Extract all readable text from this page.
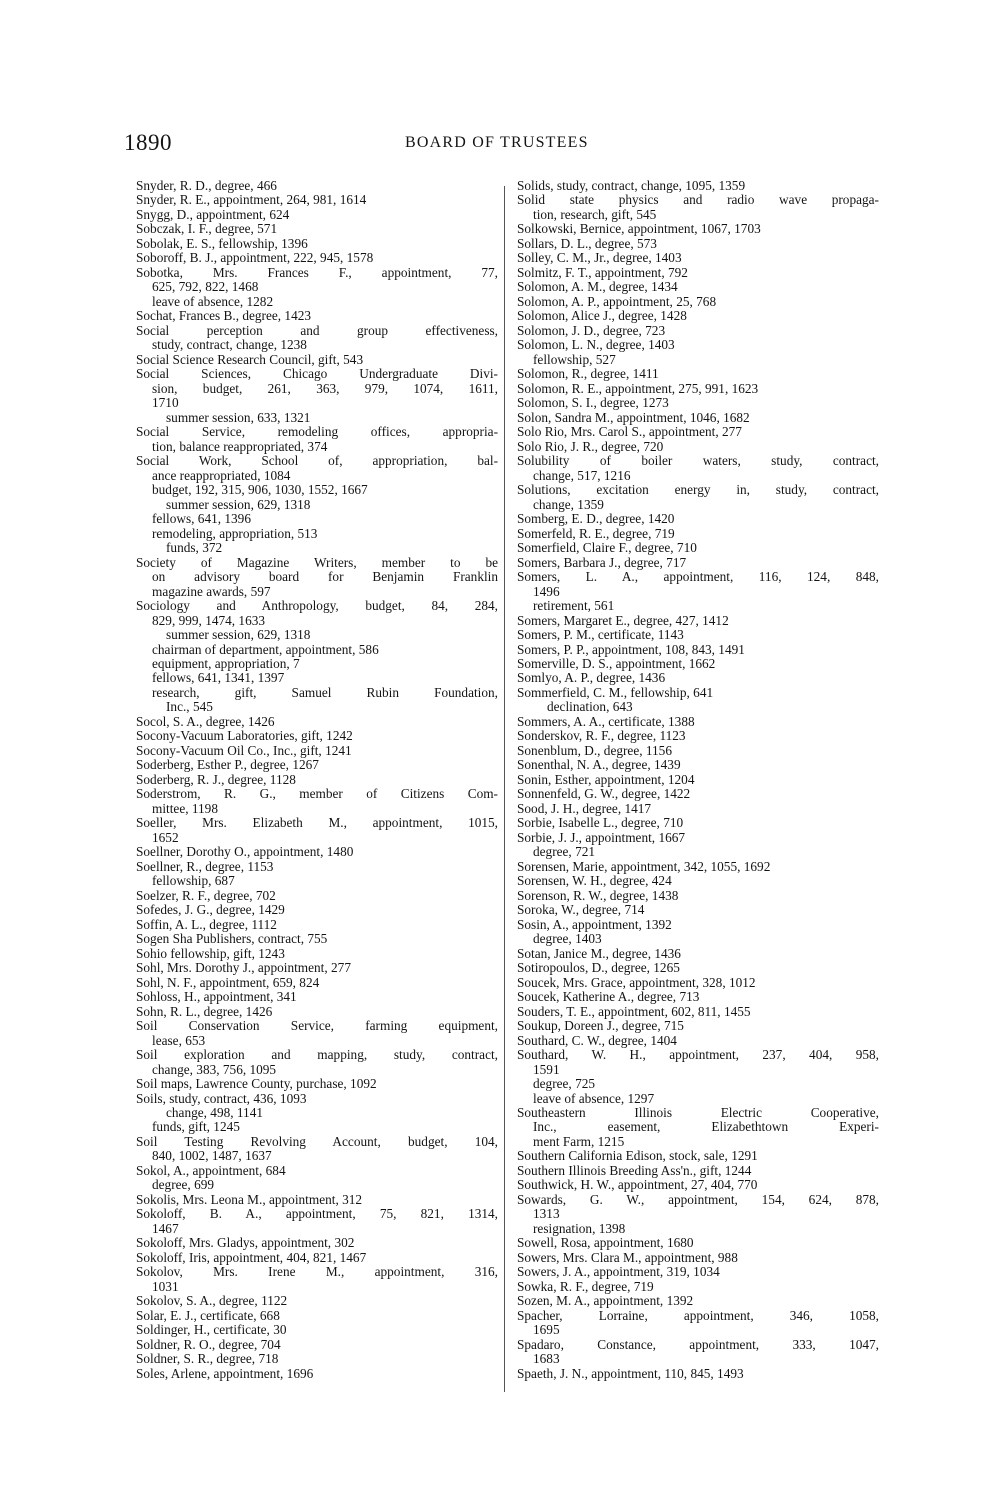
1890	BOARD OF TRUSTEES
Snyder, R. D., degree, 466
Snyder, R. E., appointment, 264, 981, 1614
Snygg, D., appointment, 624
Sobczak, I. F., degree, 571
Sobolak, E. S., fellowship, 1396
Soboroff, B. J., appointment, 222, 945, 1578
Sobotka, Mrs. Frances F., appointment, 77,
625, 792, 822, 1468
leave of absence, 1282
Sochat, Frances B., degree, 1423
Social perception and group effectiveness,
study, contract, change, 1238
Social Science Research Council, gift, 543
Social Sciences, Chicago Undergraduate Divi-
sion, budget, 261, 363, 979, 1074, 1611,
1710
summer session, 633, 1321
Social Service, remodeling offices, appropria-
tion, balance reappropriated, 374
Social Work, School of, appropriation, bal-
ance reappropriated, 1084
budget, 192, 315, 906, 1030, 1552, 1667
summer session, 629, 1318
fellows, 641, 1396
remodeling, appropriation, 513
funds, 372
Society of Magazine Writers, member to be
on advisory board for Benjamin Franklin
magazine awards, 597
Sociology and Anthropology, budget, 84, 284,
829, 999, 1474, 1633
summer session, 629, 1318
chairman of department, appointment, 586
equipment, appropriation, 7
fellows, 641, 1341, 1397
research, gift, Samuel Rubin Foundation,
Inc., 545
Socol, S. A., degree, 1426
Socony-Vacuum Laboratories, gift, 1242
Socony-Vacuum Oil Co., Inc., gift, 1241
Soderberg, Esther P., degree, 1267
Soderberg, R. J., degree, 1128
Soderstrom, R. G., member of Citizens Com-
mittee, 1198
Soeller, Mrs. Elizabeth M., appointment, 1015,
1652
Soellner, Dorothy O., appointment, 1480
Soellner, R., degree, 1153
fellowship, 687
Soelzer, R. F., degree, 702
Sofedes, J. G., degree, 1429
Soffin, A. L., degree, 1112
Sogen Sha Publishers, contract, 755
Sohio fellowship, gift, 1243
Sohl, Mrs. Dorothy J., appointment, 277
Sohl, N. F., appointment, 659, 824
Sohloss, H., appointment, 341
Sohn, R. L., degree, 1426
Soil Conservation Service, farming equipment,
lease, 653
Soil exploration and mapping, study, contract,
change, 383, 756, 1095
Soil maps, Lawrence County, purchase, 1092
Soils, study, contract, 436, 1093
change, 498, 1141
funds, gift, 1245
Soil Testing Revolving Account, budget, 104,
840, 1002, 1487, 1637
Sokol, A., appointment, 684
degree, 699
Sokolis, Mrs. Leona M., appointment, 312
Sokoloff, B. A., appointment, 75, 821, 1314,
1467
Sokoloff, Mrs. Gladys, appointment, 302
Sokoloff, Iris, appointment, 404, 821, 1467
Sokolov, Mrs. Irene M., appointment, 316,
1031
Sokolov, S. A., degree, 1122
Solar, E. J., certificate, 668
Soldinger, H., certificate, 30
Soldner, R. O., degree, 704
Soldner, S. R., degree, 718
Soles, Arlene, appointment, 1696
Solids, study, contract, change, 1095, 1359
Solid state physics and radio wave propaga-
tion, research, gift, 545
Solkowski, Bernice, appointment, 1067, 1703
Sollars, D. L., degree, 573
Solley, C. M., Jr., degree, 1403
Solmitz, F. T., appointment, 792
Solomon, A. M., degree, 1434
Solomon, A. P., appointment, 25, 768
Solomon, Alice J., degree, 1428
Solomon, J. D., degree, 723
Solomon, L. N., degree, 1403
fellowship, 527
Solomon, R., degree, 1411
Solomon, R. E., appointment, 275, 991, 1623
Solomon, S. I., degree, 1273
Solon, Sandra M., appointment, 1046, 1682
Solo Rio, Mrs. Carol S., appointment, 277
Solo Rio, J. R., degree, 720
Solubility of boiler waters, study, contract,
change, 517, 1216
Solutions, excitation energy in, study, contract,
change, 1359
Somberg, E. D., degree, 1420
Somerfeld, R. E., degree, 719
Somerfield, Claire F., degree, 710
Somers, Barbara J., degree, 717
Somers, L. A., appointment, 116, 124, 848,
1496
retirement, 561
Somers, Margaret E., degree, 427, 1412
Somers, P. M., certificate, 1143
Somers, P. P., appointment, 108, 843, 1491
Somerville, D. S., appointment, 1662
Somlyo, A. P., degree, 1436
Sommerfield, C. M., fellowship, 641
declination, 643
Sommers, A. A., certificate, 1388
Sonderskov, R. F., degree, 1123
Sonenblum, D., degree, 1156
Sonenthal, N. A., degree, 1439
Sonin, Esther, appointment, 1204
Sonnenfeld, G. W., degree, 1422
Sood, J. H., degree, 1417
Sorbie, Isabelle L., degree, 710
Sorbie, J. J., appointment, 1667
degree, 721
Sorensen, Marie, appointment, 342, 1055, 1692
Sorensen, W. H., degree, 424
Sorenson, R. W., degree, 1438
Soroka, W., degree, 714
Sosin, A., appointment, 1392
degree, 1403
Sotan, Janice M., degree, 1436
Sotiropoulos, D., degree, 1265
Soucek, Mrs. Grace, appointment, 328, 1012
Soucek, Katherine A., degree, 713
Souders, T. E., appointment, 602, 811, 1455
Soukup, Doreen J., degree, 715
Southard, C. W., degree, 1404
Southard, W. H., appointment, 237, 404, 958,
1591
degree, 725
leave of absence, 1297
Southeastern Illinois Electric Cooperative,
Inc., easement, Elizabethtown Experi-
ment Farm, 1215
Southern California Edison, stock, sale, 1291
Southern Illinois Breeding Ass'n., gift, 1244
Southwick, H. W., appointment, 27, 404, 770
Sowards, G. W., appointment, 154, 624, 878,
1313
resignation, 1398
Sowell, Rosa, appointment, 1680
Sowers, Mrs. Clara M., appointment, 988
Sowers, J. A., appointment, 319, 1034
Sowka, R. F., degree, 719
Sozen, M. A., appointment, 1392
Spacher, Lorraine, appointment, 346, 1058,
1695
Spadaro, Constance, appointment, 333, 1047,
1683
Spaeth, J. N., appointment, 110, 845, 1493
